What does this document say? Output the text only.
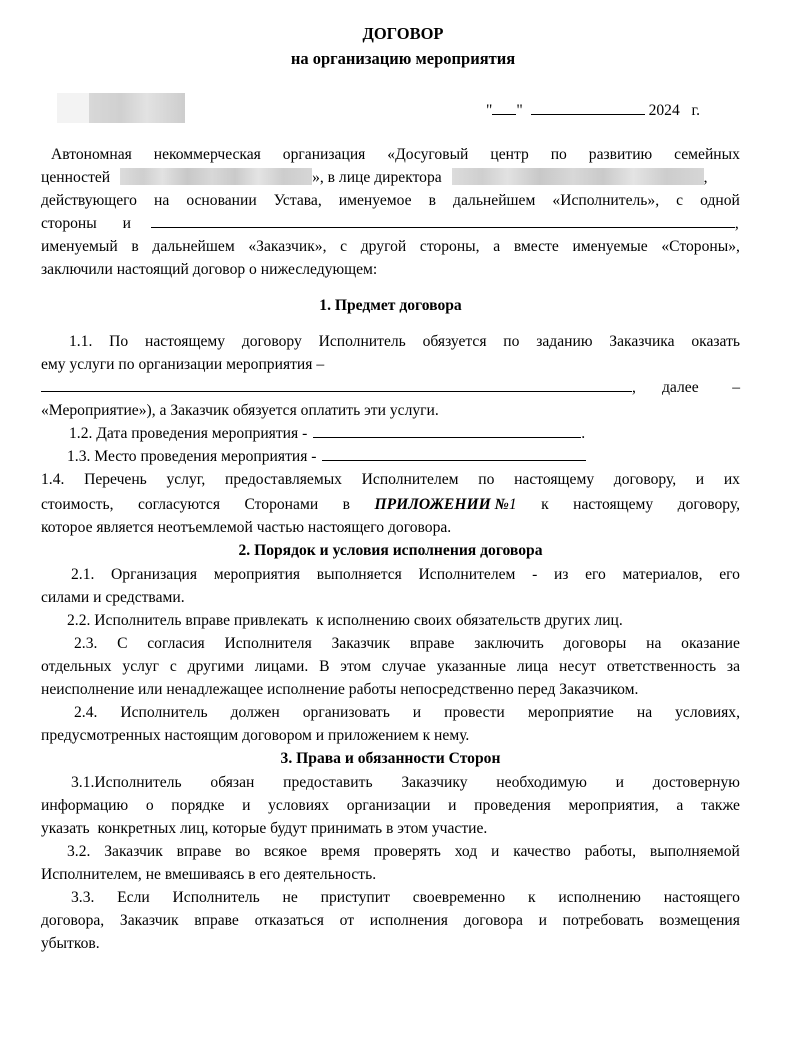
ДОГОВОР
на организацию мероприятия
" "	2024 г.
Автономная некоммерческая организация «Досуговый центр по развитию семейных
ценностей	», в лице директора	,
действующего на основании Устава, именуемое в дальнейшем «Исполнитель», с одной
стороны и	,
именуемый в дальнейшем «Заказчик», с другой стороны, а вместе именуемые «Стороны»,
заключили настоящий договор о нижеследующем:
1. Предмет договора
1.1. По настоящему договору Исполнитель обязуется по заданию Заказчика оказать
ему услуги по организации мероприятия –
, далее –
«Мероприятие»), а Заказчик обязуется оплатить эти услуги.
1.2. Дата проведения мероприятия -	.
1.3. Место проведения мероприятия -
1.4. Перечень услуг, предоставляемых Исполнителем по настоящему договору, и их
стоимость, согласуются Сторонами в ПРИЛОЖЕНИИ №1 к настоящему договору,
которое является неотъемлемой частью настоящего договора.
2. Порядок и условия исполнения договора
2.1. Организация мероприятия выполняется Исполнителем - из его материалов, его
силами и средствами.
2.2. Исполнитель вправе привлекать  к исполнению своих обязательств других лиц.
2.3. С согласия Исполнителя Заказчик вправе заключить договоры на оказание
отдельных услуг с другими лицами. В этом случае указанные лица несут ответственность за
неисполнение или ненадлежащее исполнение работы непосредственно перед Заказчиком.
2.4. Исполнитель должен организовать и провести мероприятие на условиях,
предусмотренных настоящим договором и приложением к нему.
3. Права и обязанности Сторон
3.1.Исполнитель обязан предоставить Заказчику необходимую и достоверную
информацию о порядке и условиях организации и проведения мероприятия, а также
указать  конкретных лиц, которые будут принимать в этом участие.
3.2. Заказчик вправе во всякое время проверять ход и качество работы, выполняемой
Исполнителем, не вмешиваясь в его деятельность.
3.3. Если Исполнитель не приступит своевременно к исполнению настоящего
договора, Заказчик вправе отказаться от исполнения договора и потребовать возмещения
убытков.
